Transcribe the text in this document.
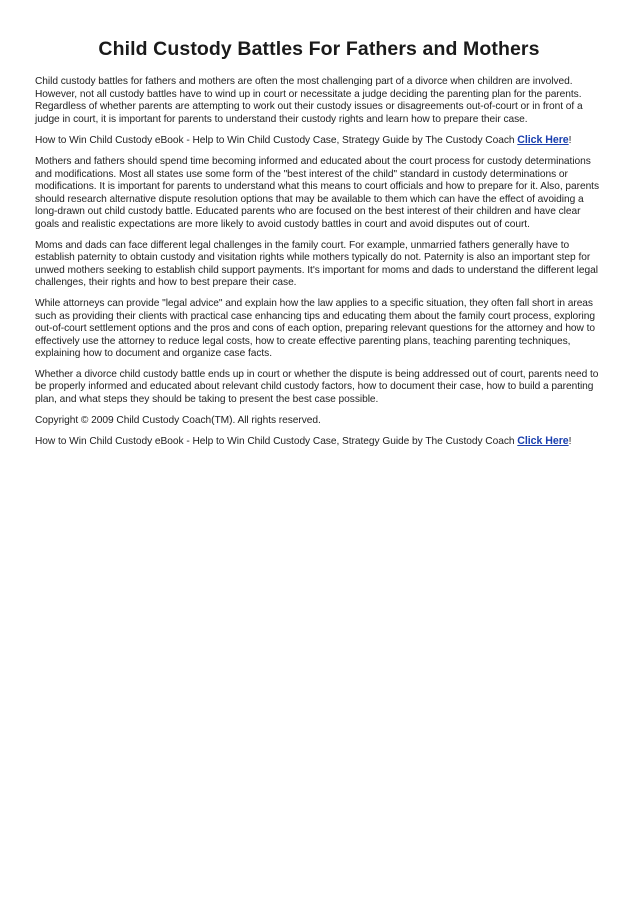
Child Custody Battles For Fathers and Mothers

Child custody battles for fathers and mothers are often the most challenging part of a divorce when children are involved. However, not all custody battles have to wind up in court or necessitate a judge deciding the parenting plan for the parents. Regardless of whether parents are attempting to work out their custody issues or disagreements out-of-court or in front of a judge in court, it is important for parents to understand their custody rights and learn how to prepare their case.

How to Win Child Custody eBook - Help to Win Child Custody Case, Strategy Guide by The Custody Coach Click Here!

Mothers and fathers should spend time becoming informed and educated about the court process for custody determinations and modifications. Most all states use some form of the "best interest of the child" standard in custody determinations or modifications. It is important for parents to understand what this means to court officials and how to prepare for it. Also, parents should research alternative dispute resolution options that may be available to them which can have the effect of avoiding a long-drawn out child custody battle. Educated parents who are focused on the best interest of their children and have clear goals and realistic expectations are more likely to avoid custody battles in court and avoid disputes out of court.

Moms and dads can face different legal challenges in the family court. For example, unmarried fathers generally have to establish paternity to obtain custody and visitation rights while mothers typically do not. Paternity is also an important step for unwed mothers seeking to establish child support payments. It's important for moms and dads to understand the different legal challenges, their rights and how to best prepare their case.

While attorneys can provide "legal advice" and explain how the law applies to a specific situation, they often fall short in areas such as providing their clients with practical case enhancing tips and educating them about the family court process, exploring out-of-court settlement options and the pros and cons of each option, preparing relevant questions for the attorney and how to effectively use the attorney to reduce legal costs, how to create effective parenting plans, teaching parenting techniques, explaining how to document and organize case facts.

Whether a divorce child custody battle ends up in court or whether the dispute is being addressed out of court, parents need to be properly informed and educated about relevant child custody factors, how to document their case, how to build a parenting plan, and what steps they should be taking to present the best case possible.

Copyright © 2009 Child Custody Coach(TM). All rights reserved.

How to Win Child Custody eBook - Help to Win Child Custody Case, Strategy Guide by The Custody Coach Click Here!
